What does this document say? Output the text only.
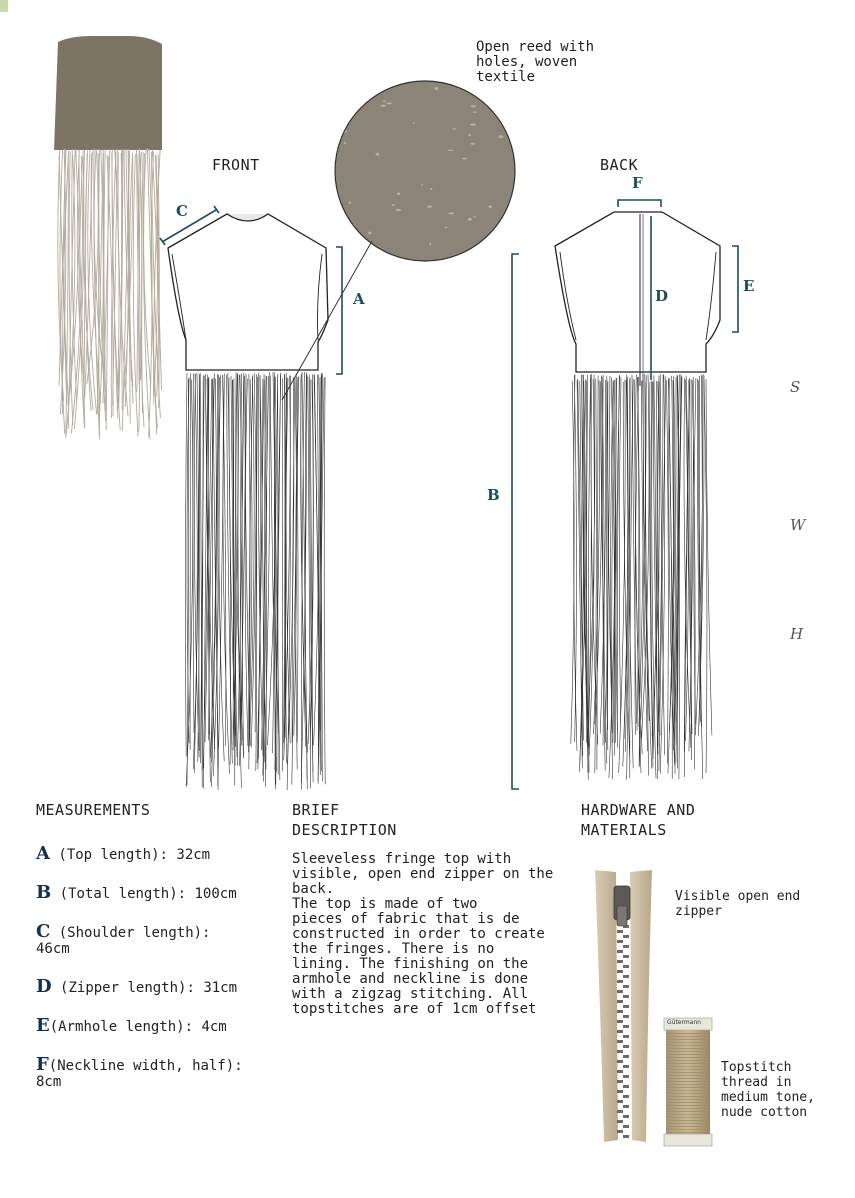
FRONT	BACK
Open reed with
holes, woven
textile
C
A
B
F
D
E
S
W
H
MEASUREMENTS	BRIEF
DESCRIPTION
HARDWARE AND
MATERIALS
A (Top length): 32cm
B (Total length): 100cm
C (Shoulder length):
46cm
D (Zipper length): 31cm
E(Armhole length): 4cm
F(Neckline width, half):
8cm
Sleeveless fringe top with
visible, open end zipper on the
back.
The top is made of two
pieces of fabric that is de
constructed in order to create
the fringes. There is no
lining. The finishing on the
armhole and neckline is done
with a zigzag stitching. All
topstitches are of 1cm offset
Visible open end
zipper
Gütermann
Topstitch
thread in
medium tone,
nude cotton
